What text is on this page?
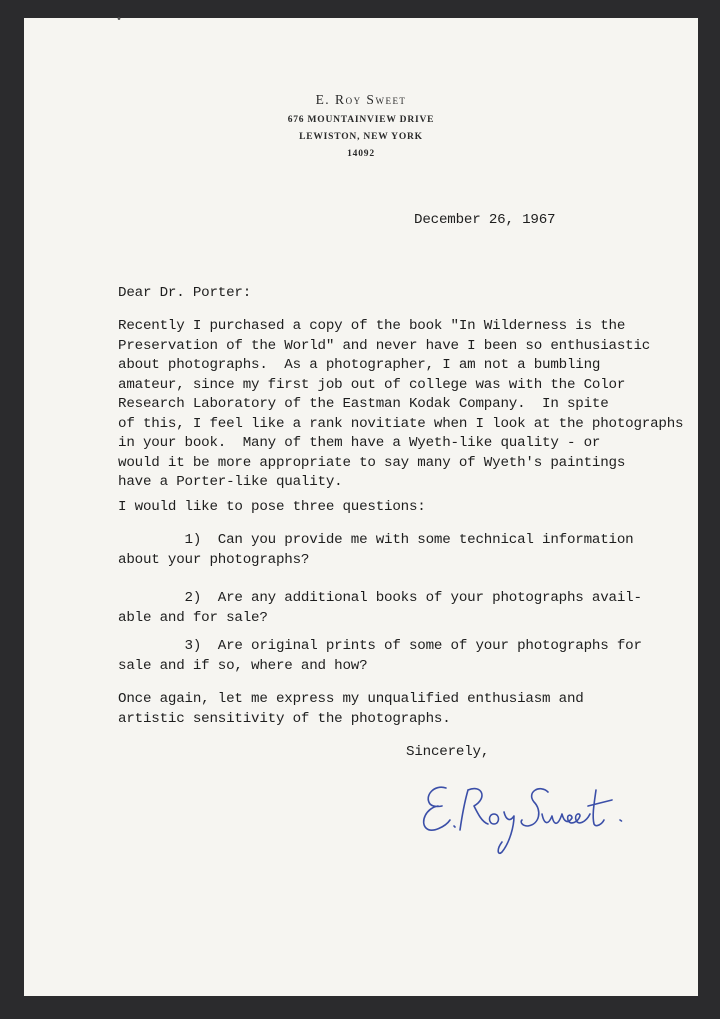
•
E. Roy Sweet
676 MOUNTAINVIEW DRIVE
LEWISTON, NEW YORK
14092
December 26, 1967
Dear Dr. Porter:
Recently I purchased a copy of the book "In Wilderness is the
Preservation of the World" and never have I been so enthusiastic
about photographs.  As a photographer, I am not a bumbling
amateur, since my first job out of college was with the Color
Research Laboratory of the Eastman Kodak Company.  In spite
of this, I feel like a rank novitiate when I look at the photographs
in your book.  Many of them have a Wyeth-like quality - or
would it be more appropriate to say many of Wyeth's paintings
have a Porter-like quality.
I would like to pose three questions:
1)  Can you provide me with some technical information
about your photographs?
2)  Are any additional books of your photographs avail-
able and for sale?
3)  Are original prints of some of your photographs for
sale and if so, where and how?
Once again, let me express my unqualified enthusiasm and
artistic sensitivity of the photographs.
Sincerely,
